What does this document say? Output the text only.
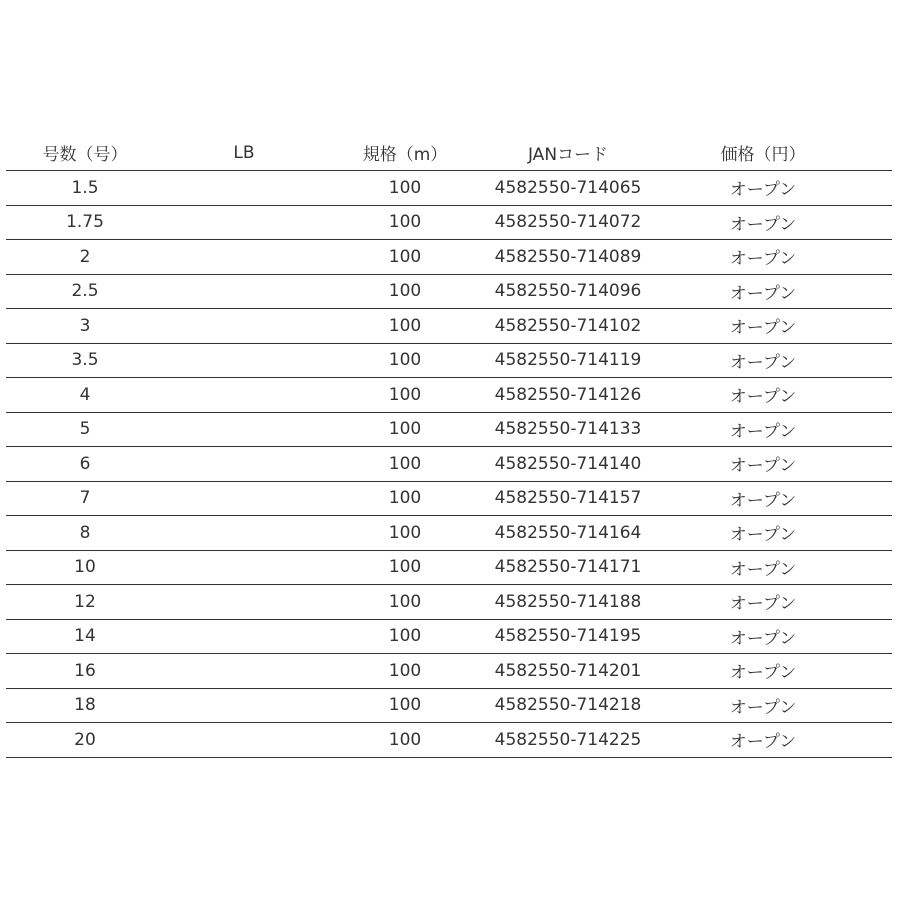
号数（号）	LB	規格（m）	JANコード	価格（円）
1.5		100	4582550-714065	オープン
1.75		100	4582550-714072	オープン
2		100	4582550-714089	オープン
2.5		100	4582550-714096	オープン
3		100	4582550-714102	オープン
3.5		100	4582550-714119	オープン
4		100	4582550-714126	オープン
5		100	4582550-714133	オープン
6		100	4582550-714140	オープン
7		100	4582550-714157	オープン
8		100	4582550-714164	オープン
10		100	4582550-714171	オープン
12		100	4582550-714188	オープン
14		100	4582550-714195	オープン
16		100	4582550-714201	オープン
18		100	4582550-714218	オープン
20		100	4582550-714225	オープン
